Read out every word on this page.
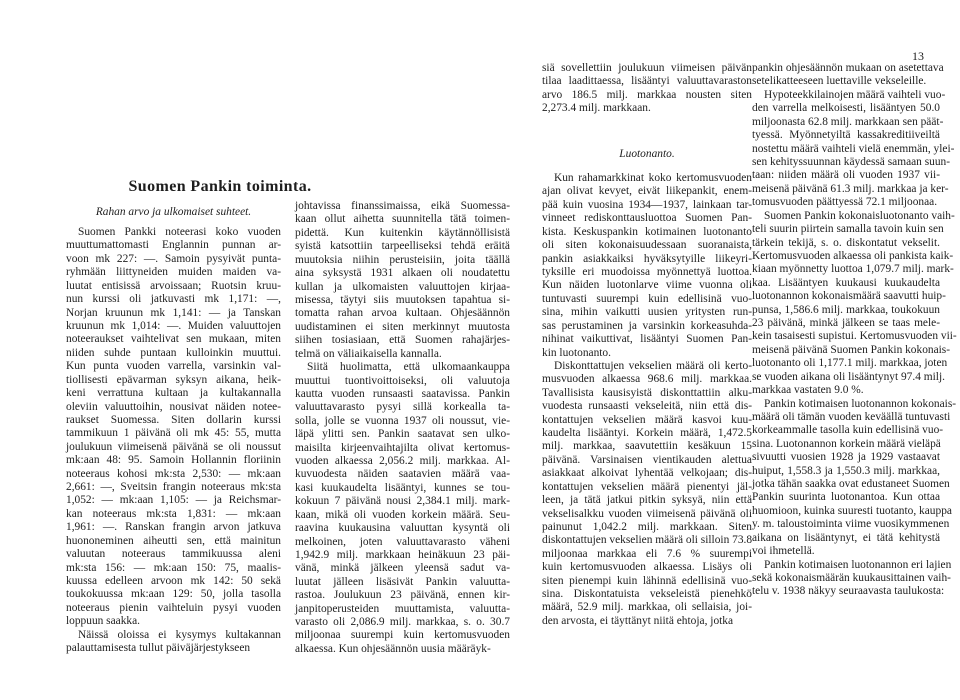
13
Suomen Pankin toiminta.
Rahan arvo ja ulkomaiset suhteet.
Suomen Pankki noteerasi koko vuoden
muuttumattomasti Englannin punnan ar-
voon mk 227: —. Samoin pysyivät punta-
ryhmään liittyneiden muiden maiden va-
luutat entisissä arvoissaan; Ruotsin kruu-
nun kurssi oli jatkuvasti mk 1,171: —,
Norjan kruunun mk 1,141: — ja Tanskan
kruunun mk 1,014: —. Muiden valuuttojen
noteeraukset vaihtelivat sen mukaan, miten
niiden suhde puntaan kulloinkin muuttui.
Kun punta vuoden varrella, varsinkin val-
tiollisesti epävarman syksyn aikana, heik-
keni verrattuna kultaan ja kultakannalla
oleviin valuuttoihin, nousivat näiden notee-
raukset Suomessa. Siten dollarin kurssi
tammikuun 1 päivänä oli mk 45: 55, mutta
joulukuun viimeisenä päivänä se oli noussut
mk:aan 48: 95. Samoin Hollannin floriinin
noteeraus kohosi mk:sta 2,530: — mk:aan
2,661: —, Sveitsin frangin noteeraus mk:sta
1,052: — mk:aan 1,105: — ja Reichsmar-
kan noteeraus mk:sta 1,831: — mk:aan
1,961: —. Ranskan frangin arvon jatkuva
huononeminen aiheutti sen, että mainitun
valuutan noteeraus tammikuussa aleni
mk:sta 156: — mk:aan 150: 75, maalis-
kuussa edelleen arvoon mk 142: 50 sekä
toukokuussa mk:aan 129: 50, jolla tasolla
noteeraus pienin vaihteluin pysyi vuoden
loppuun saakka.
Näissä oloissa ei kysymys kultakannan
palauttamisesta tullut päiväjärjestykseen
johtavissa finanssimaissa, eikä Suomessa-
kaan ollut aihetta suunnitella tätä toimen-
pidettä. Kun kuitenkin käytännöllisistä
syistä katsottiin tarpeelliseksi tehdä eräitä
muutoksia niihin perusteisiin, joita täällä
aina syksystä 1931 alkaen oli noudatettu
kullan ja ulkomaisten valuuttojen kirjaa-
misessa, täytyi siis muutoksen tapahtua si-
tomatta rahan arvoa kultaan. Ohjesäännön
uudistaminen ei siten merkinnyt muutosta
siihen tosiasiaan, että Suomen rahajärjes-
telmä on väliaikaisella kannalla.
Siitä huolimatta, että ulkomaankauppa
muuttui tuontivoittoiseksi, oli valuutoja
kautta vuoden runsaasti saatavissa. Pankin
valuuttavarasto pysyi sillä korkealla ta-
solla, jolle se vuonna 1937 oli noussut, vie-
läpä ylitti sen. Pankin saatavat sen ulko-
maisilta kirjeenvaihtajilta olivat kertomus-
vuoden alkaessa 2,056.2 milj. markkaa. Al-
kuvuodesta näiden saatavien määrä vaa-
kasi kuukaudelta lisääntyi, kunnes se tou-
kokuun 7 päivänä nousi 2,384.1 milj. mark-
kaan, mikä oli vuoden korkein määrä. Seu-
raavina kuukausina valuuttan kysyntä oli
melkoinen, joten valuuttavarasto väheni
1,942.9 milj. markkaan heinäkuun 23 päi-
vänä, minkä jälkeen yleensä sadut va-
luutat jälleen lisäsivät Pankin valuutta-
rastoa. Joulukuun 23 päivänä, ennen kir-
janpitoperusteiden muuttamista, valuutta-
varasto oli 2,086.9 milj. markkaa, s. o. 30.7
miljoonaa suurempi kuin kertomusvuoden
alkaessa. Kun ohjesäännön uusia määräyk-
Luotonanto.
siä sovellettiin joulukuun viimeisen päivän
tilaa laadittaessa, lisääntyi valuuttavaraston
arvo 186.5 milj. markkaa nousten siten
2,273.4 milj. markkaan.
Kun rahamarkkinat koko kertomusvuoden
ajan olivat kevyet, eivät liikepankit, enem-
pää kuin vuosina 1934—1937, lainkaan tar-
vinneet rediskonttausluottoa Suomen Pan-
kista. Keskuspankin kotimainen luotonanto
oli siten kokonaisuudessaan suoranaista,
pankin asiakkaiksi hyväksytyille liikeyri-
tyksille eri muodoissa myönnettyä luottoa.
Kun näiden luotonlarve viime vuonna oli
tuntuvasti suurempi kuin edellisinä vuo-
sina, mihin vaikutti uusien yritysten run-
sas perustaminen ja varsinkin korkeasuhda-
nihinat vaikuttivat, lisääntyi Suomen Pan-
kin luotonanto.
Diskonttattujen vekselien määrä oli kerto-
musvuoden alkaessa 968.6 milj. markkaa.
Tavallisista kausisyistä diskonttattiin alku-
vuodesta runsaasti vekseleitä, niin että dis-
kontattujen vekselien määrä kasvoi kuu-
kaudelta lisääntyi. Korkein määrä, 1,472.5
milj. markkaa, saavutettiin kesäkuun 15
päivänä. Varsinaisen vientikauden alettua
asiakkaat alkoivat lyhentää velkojaan; dis-
kontattujen vekselien määrä pienentyi jäl-
leen, ja tätä jatkui pitkin syksyä, niin että
vekselisalkku vuoden viimeisenä päivänä oli
painunut 1,042.2 milj. markkaan. Siten
diskontattujen vekselien määrä oli silloin 73.8
miljoonaa markkaa eli 7.6 % suurempi
kuin kertomusvuoden alkaessa. Lisäys oli
siten pienempi kuin lähinnä edellisinä vuo-
sina. Diskontatuista vekseleistä pienehkö
määrä, 52.9 milj. markkaa, oli sellaisia, joi-
den arvosta, ei täyttänyt niitä ehtoja, jotka
pankin ohjesäännön mukaan on asetettava
setelikatteeseen luettaville vekseleille.
Hypoteekkilainojen määrä vaihteli vuo-
den varrella melkoisesti, lisääntyen 50.0
miljoonasta 62.8 milj. markkaan sen päät-
tyessä. Myönnetyiltä kassakreditiiveiltä
nostettu määrä vaihteli vielä enemmän, ylei-
sen kehityssuunnan käydessä samaan suun-
taan: niiden määrä oli vuoden 1937 vii-
meisenä päivänä 61.3 milj. markkaa ja ker-
tomusvuoden päättyessä 72.1 miljoonaa.
Suomen Pankin kokonaisluotonanto vaih-
teli suurin piirtein samalla tavoin kuin sen
tärkein tekijä, s. o. diskontatut vekselit.
Kertomusvuoden alkaessa oli pankista kaik-
kiaan myönnetty luottoa 1,079.7 milj. mark-
kaa. Lisääntyen kuukausi kuukaudelta
luotonannon kokonaismäärä saavutti huip-
punsa, 1,586.6 milj. markkaa, toukokuun
23 päivänä, minkä jälkeen se taas mele-
kein tasaisesti supistui. Kertomusvuoden vii-
meisenä päivänä Suomen Pankin kokonais-
luotonanto oli 1,177.1 milj. markkaa, joten
se vuoden aikana oli lisääntynyt 97.4 milj.
markkaa vastaten 9.0 %.
Pankin kotimaisen luotonannon kokonais-
määrä oli tämän vuoden keväällä tuntuvasti
korkeammalle tasolla kuin edellisinä vuo-
sina. Luotonannon korkein määrä vieläpä
sivuutti vuosien 1928 ja 1929 vastaavat
huiput, 1,558.3 ja 1,550.3 milj. markkaa,
jotka tähän saakka ovat edustaneet Suomen
Pankin suurinta luotonantoa. Kun ottaa
huomioon, kuinka suuresti tuotanto, kauppa
y. m. taloustoiminta viime vuosikymmenen
aikana on lisääntynyt, ei tätä kehitystä
voi ihmetellä.
Pankin kotimaisen luotonannon eri lajien
sekä kokonaismäärän kuukausittainen vaih-
telu v. 1938 näkyy seuraavasta taulukosta:
